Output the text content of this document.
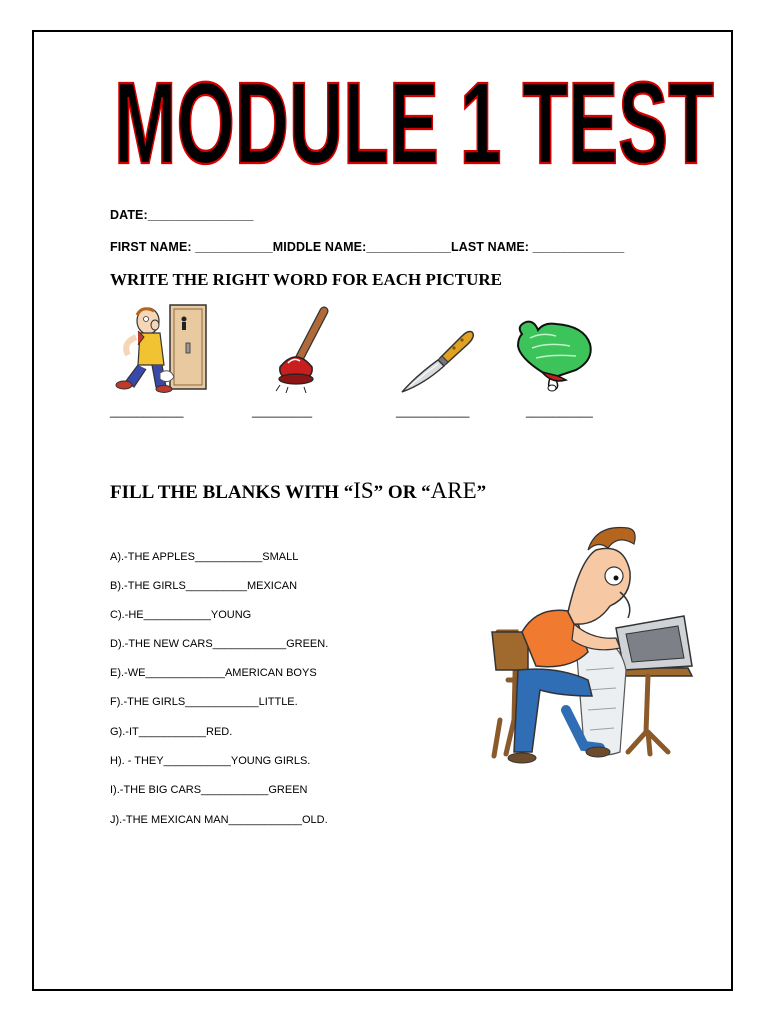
MODULE 1 TEST
DATE:_______________
FIRST NAME: ___________MIDDLE NAME:____________LAST NAME: _____________
WRITE THE RIGHT WORD FOR EACH PICTURE
___________	_________	___________	__________
FILL THE BLANKS WITH “IS” OR “ARE”
A).-THE APPLES___________SMALL
B).-THE GIRLS__________MEXICAN
C).-HE___________YOUNG
D).-THE NEW CARS____________GREEN.
E).-WE_____________AMERICAN BOYS
F).-THE GIRLS____________LITTLE.
G).-IT___________RED.
H). - THEY___________YOUNG GIRLS.
I).-THE BIG CARS___________GREEN
J).-THE MEXICAN MAN____________OLD.
